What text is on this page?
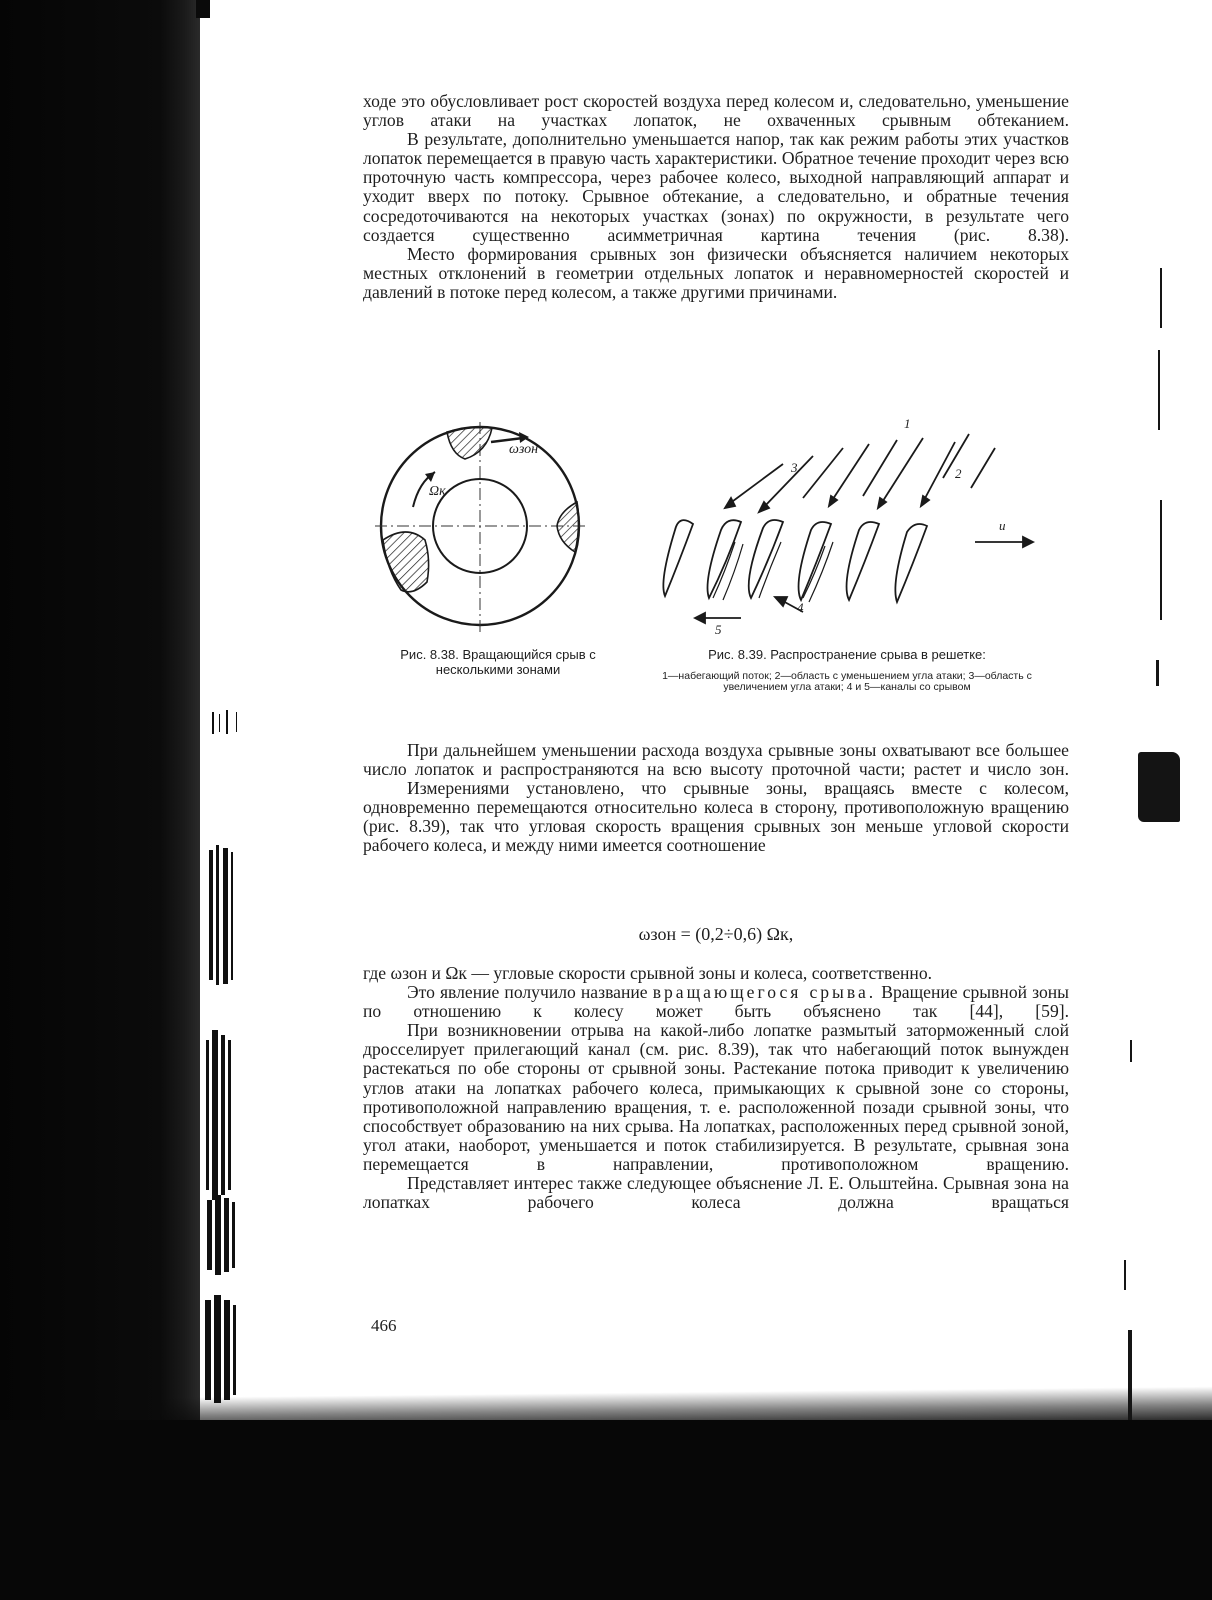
ходе это обусловливает рост скоростей воздуха перед колесом и, следовательно, уменьшение углов атаки на участках лопаток, не охваченных срывным обтеканием.

В результате, дополнительно уменьшается напор, так как режим работы этих участков лопаток перемещается в правую часть характеристики. Обратное течение проходит через всю проточную часть компрессора, через рабочее колесо, выходной направляющий аппарат и уходит вверх по потоку. Срывное обтекание, а следовательно, и обратные течения сосредоточиваются на некоторых участках (зонах) по окружности, в результате чего создается существенно асимметричная картина течения (рис. 8.38).

Место формирования срывных зон физически объясняется наличием некоторых местных отклонений в геометрии отдельных лопаток и неравномерностей скоростей и давлений в потоке перед колесом, а также другими причинами.

ωзон
Ωк
1
2
3
4
5
u
Рис. 8.38. Вращающийся срыв с несколькими зонами
Рис. 8.39. Распространение срыва в решетке:
1—набегающий поток; 2—область с уменьшением угла атаки; 3—область с увеличением угла атаки; 4 и 5—каналы со срывом

При дальнейшем уменьшении расхода воздуха срывные зоны охватывают все большее число лопаток и распространяются на всю высоту проточной части; растет и число зон.

Измерениями установлено, что срывные зоны, вращаясь вместе с колесом, одновременно перемещаются относительно колеса в сторону, противоположную вращению (рис. 8.39), так что угловая скорость вращения срывных зон меньше угловой скорости рабочего колеса, и между ними имеется соотношение

ωзон = (0,2÷0,6) Ωк,

где ωзон и Ωк — угловые скорости срывной зоны и колеса, соответственно.

Это явление получило название вращающегося срыва. Вращение срывной зоны по отношению к колесу может быть объяснено так [44], [59].

При возникновении отрыва на какой-либо лопатке размытый заторможенный слой дросселирует прилегающий канал (см. рис. 8.39), так что набегающий поток вынужден растекаться по обе стороны от срывной зоны. Растекание потока приводит к увеличению углов атаки на лопатках рабочего колеса, примыкающих к срывной зоне со стороны, противоположной направлению вращения, т. е. расположенной позади срывной зоны, что способствует образованию на них срыва. На лопатках, расположенных перед срывной зоной, угол атаки, наоборот, уменьшается и поток стабилизируется. В результате, срывная зона перемещается в направлении, противоположном вращению.

Представляет интерес также следующее объяснение Л. Е. Ольштейна. Срывная зона на лопатках рабочего колеса должна вращаться

466
